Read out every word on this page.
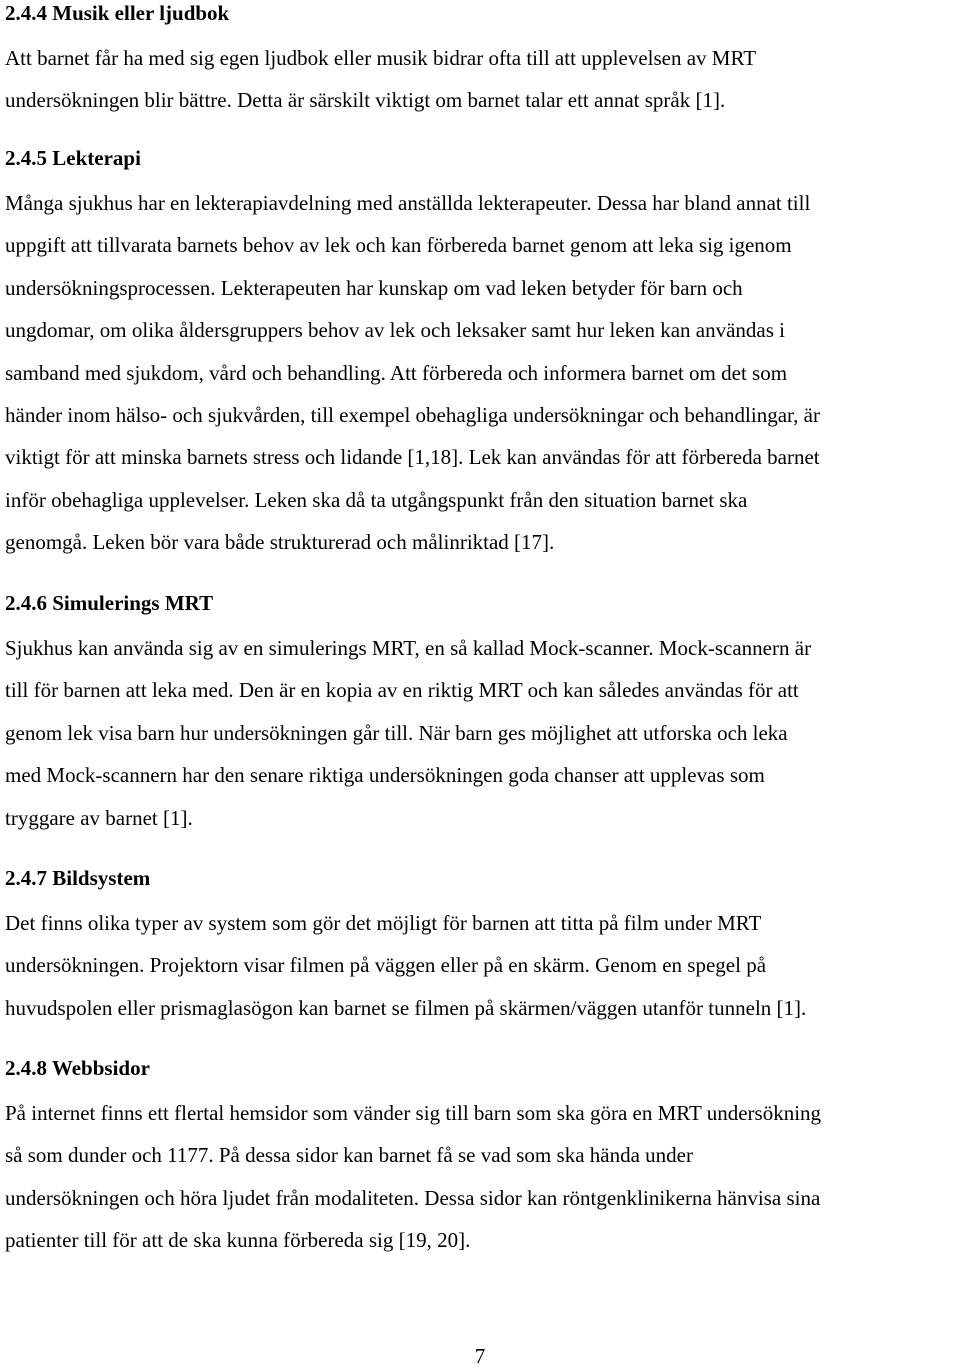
2.4.4 Musik eller ljudbok

Att barnet får ha med sig egen ljudbok eller musik bidrar ofta till att upplevelsen av MRT
undersökningen blir bättre. Detta är särskilt viktigt om barnet talar ett annat språk [1].

2.4.5 Lekterapi

Många sjukhus har en lekterapiavdelning med anställda lekterapeuter. Dessa har bland annat till
uppgift att tillvarata barnets behov av lek och kan förbereda barnet genom att leka sig igenom
undersökningsprocessen. Lekterapeuten har kunskap om vad leken betyder för barn och
ungdomar, om olika åldersgruppers behov av lek och leksaker samt hur leken kan användas i
samband med sjukdom, vård och behandling. Att förbereda och informera barnet om det som
händer inom hälso- och sjukvården, till exempel obehagliga undersökningar och behandlingar, är
viktigt för att minska barnets stress och lidande [1,18]. Lek kan användas för att förbereda barnet
inför obehagliga upplevelser. Leken ska då ta utgångspunkt från den situation barnet ska
genomgå. Leken bör vara både strukturerad och målinriktad [17].

2.4.6 Simulerings MRT

Sjukhus kan använda sig av en simulerings MRT, en så kallad Mock-scanner. Mock-scannern är
till för barnen att leka med. Den är en kopia av en riktig MRT och kan således användas för att
genom lek visa barn hur undersökningen går till. När barn ges möjlighet att utforska och leka
med Mock-scannern har den senare riktiga undersökningen goda chanser att upplevas som
tryggare av barnet [1].

2.4.7 Bildsystem

Det finns olika typer av system som gör det möjligt för barnen att titta på film under MRT
undersökningen. Projektorn visar filmen på väggen eller på en skärm. Genom en spegel på
huvudspolen eller prismaglasögon kan barnet se filmen på skärmen/väggen utanför tunneln [1].

2.4.8 Webbsidor

På internet finns ett flertal hemsidor som vänder sig till barn som ska göra en MRT undersökning
så som dunder och 1177. På dessa sidor kan barnet få se vad som ska hända under
undersökningen och höra ljudet från modaliteten. Dessa sidor kan röntgenklinikerna hänvisa sina
patienter till för att de ska kunna förbereda sig [19, 20].

7
